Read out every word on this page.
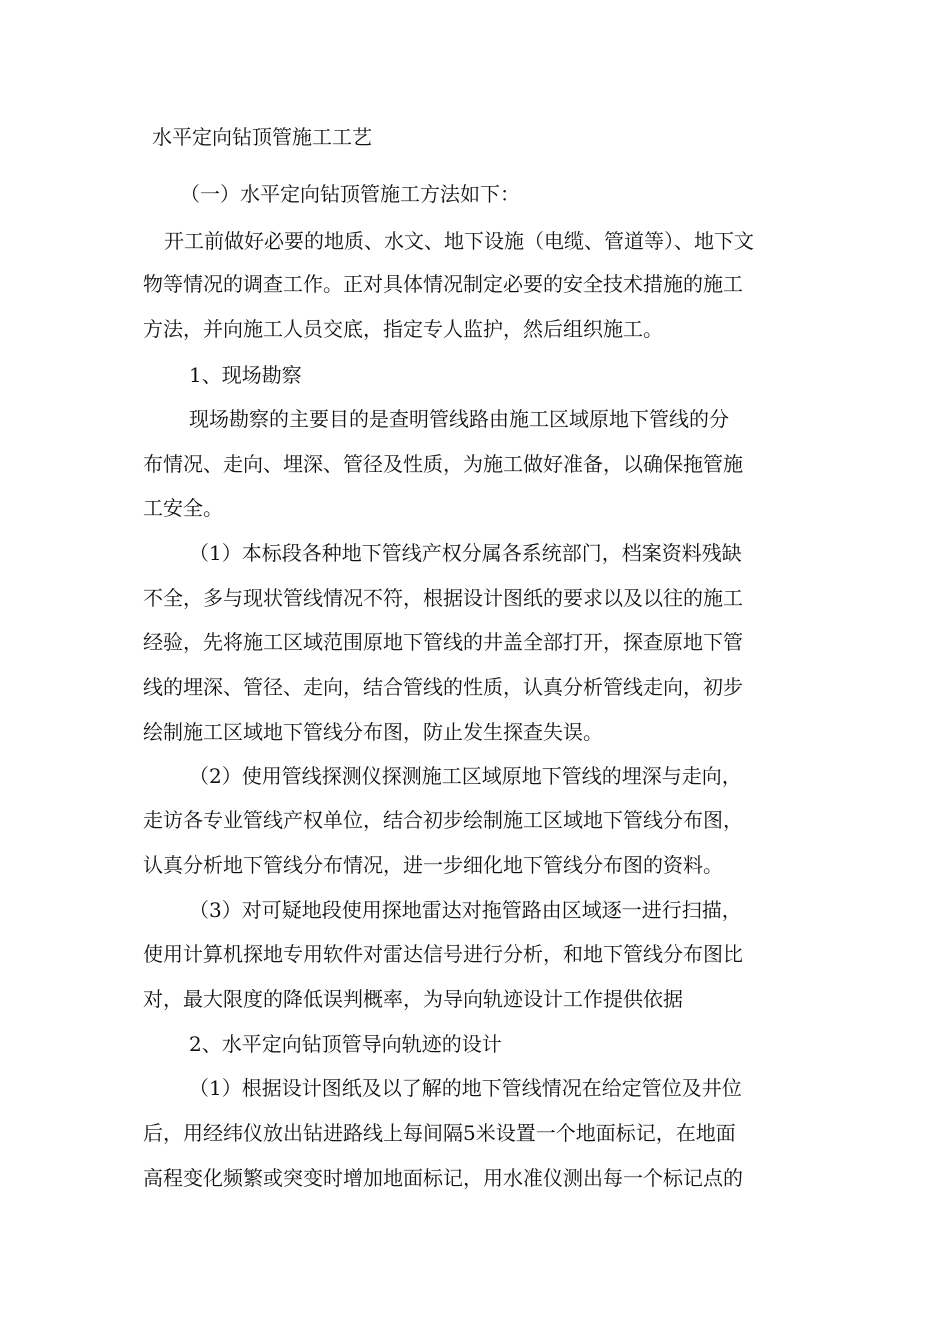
水平定向钻顶管施工工艺
（一）水平定向钻顶管施工方法如下：
开工前做好必要的地质、水文、地下设施（电缆、管道等）、地下文
物等情况的调查工作。正对具体情况制定必要的安全技术措施的施工
方法，并向施工人员交底，指定专人监护，然后组织施工。
1、现场勘察
现场勘察的主要目的是查明管线路由施工区域原地下管线的分
布情况、走向、埋深、管径及性质，为施工做好准备，以确保拖管施
工安全。
（1）本标段各种地下管线产权分属各系统部门，档案资料残缺
不全，多与现状管线情况不符，根据设计图纸的要求以及以往的施工
经验，先将施工区域范围原地下管线的井盖全部打开，探查原地下管
线的埋深、管径、走向，结合管线的性质，认真分析管线走向，初步
绘制施工区域地下管线分布图，防止发生探查失误。
（2）使用管线探测仪探测施工区域原地下管线的埋深与走向，
走访各专业管线产权单位，结合初步绘制施工区域地下管线分布图，
认真分析地下管线分布情况，进一步细化地下管线分布图的资料。
（3）对可疑地段使用探地雷达对拖管路由区域逐一进行扫描，
使用计算机探地专用软件对雷达信号进行分析，和地下管线分布图比
对，最大限度的降低误判概率，为导向轨迹设计工作提供依据
2、水平定向钻顶管导向轨迹的设计
（1）根据设计图纸及以了解的地下管线情况在给定管位及井位
后，用经纬仪放出钻进路线上每间隔5米设置一个地面标记，在地面
高程变化频繁或突变时增加地面标记，用水准仪测出每一个标记点的
